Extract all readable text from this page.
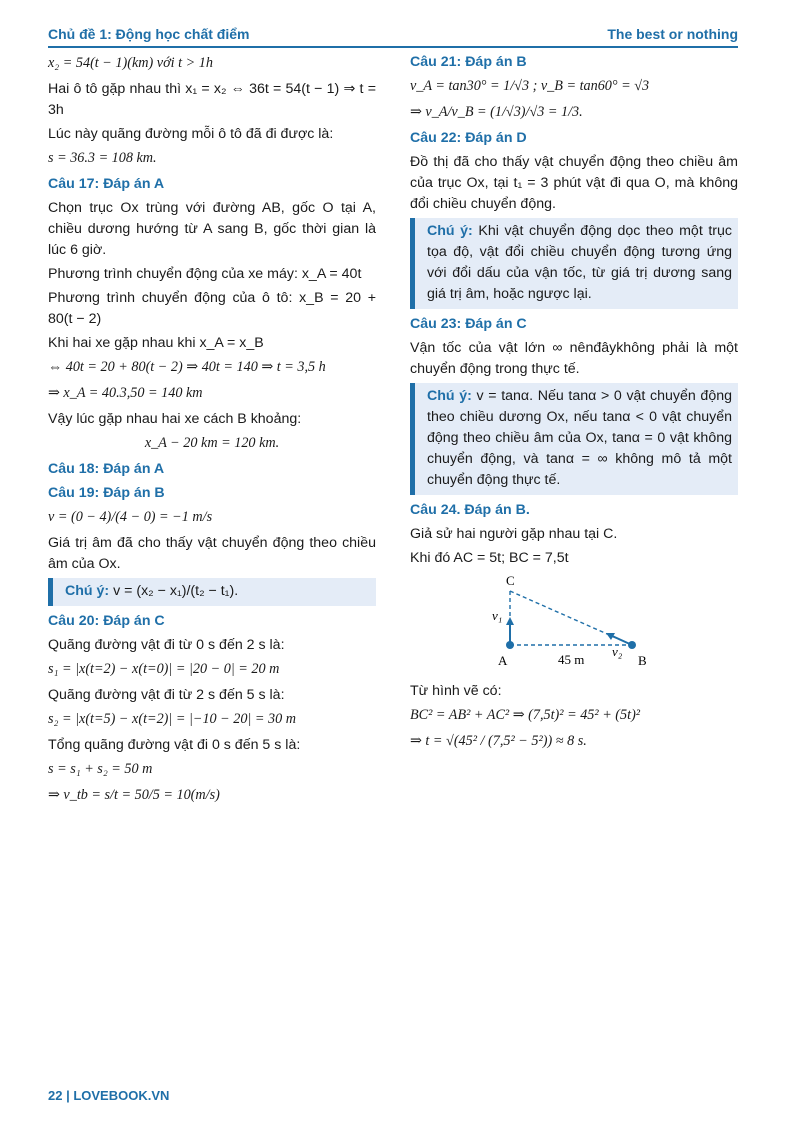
Chủ đề 1: Động học chất điểm	The best or nothing
x₂ = 54(t − 1)(km) với t > 1h
Hai ô tô gặp nhau thì x₁ = x₂ ⇔ 36t = 54(t − 1) ⇒ t = 3h
Lúc này quãng đường mỗi ô tô đã đi được là:
s = 36.3 = 108 km.
Câu 17: Đáp án A
Chọn trục Ox trùng với đường AB, gốc O tại A, chiều dương hướng từ A sang B, gốc thời gian là lúc 6 giờ.
Phương trình chuyển động của xe máy: x_A = 40t
Phương trình chuyển động của ô tô: x_B = 20 + 80(t − 2)
Khi hai xe gặp nhau khi x_A = x_B
⇔ 40t = 20 + 80(t − 2) ⇒ 40t = 140 ⇒ t = 3,5 h
⇒ x_A = 40.3,50 = 140 km
Vậy lúc gặp nhau hai xe cách B khoảng:
x_A − 20 km = 120 km.
Câu 18: Đáp án A
Câu 19: Đáp án B
v = (0 − 4)/(4 − 0) = −1 m/s
Giá trị âm đã cho thấy vật chuyển động theo chiều âm của Ox.
Chú ý: v = (x₂ − x₁)/(t₂ − t₁).
Câu 20: Đáp án C
Quãng đường vật đi từ 0 s đến 2 s là:
s₁ = |x(t=2) − x(t=0)| = |20 − 0| = 20 m
Quãng đường vật đi từ 2 s đến 5 s là:
s₂ = |x(t=5) − x(t=2)| = |−10 − 20| = 30 m
Tổng quãng đường vật đi 0 s đến 5 s là:
s = s₁ + s₂ = 50 m
⇒ v_tb = s/t = 50/5 = 10(m/s)
Câu 21: Đáp án B
v_A = tan30° = 1/√3 ; v_B = tan60° = √3
⇒ v_A/v_B = (1/√3)/√3 = 1/3.
Câu 22: Đáp án D
Đồ thị đã cho thấy vật chuyển động theo chiều âm của trục Ox, tại t₁ = 3 phút vật đi qua O, mà không đổi chiều chuyển động.
Chú ý: Khi vật chuyển động dọc theo một trục tọa độ, vật đổi chiều chuyển động tương ứng với đổi dấu của vận tốc, từ giá trị dương sang giá trị âm, hoặc ngược lại.
Câu 23: Đáp án C
Vận tốc của vật lớn ∞ nênđâykhông phải là một chuyển động trong thực tế.
Chú ý: v = tanα. Nếu tanα > 0 vật chuyển động theo chiều dương Ox, nếu tanα < 0 vật chuyển động theo chiều âm của Ox, tanα = 0 vật không chuyển động, và tanα = ∞ không mô tả một chuyển động thực tế.
Câu 24. Đáp án B.
Giả sử hai người gặp nhau tại C.
Khi đó AC = 5t; BC = 7,5t
C
A	B
v₁
v₂
45 m
Từ hình vẽ có:
BC² = AB² + AC² ⇒ (7,5t)² = 45² + (5t)²
⇒ t = √(45² / (7,5² − 5²)) ≈ 8 s.
22 | LOVEBOOK.VN
